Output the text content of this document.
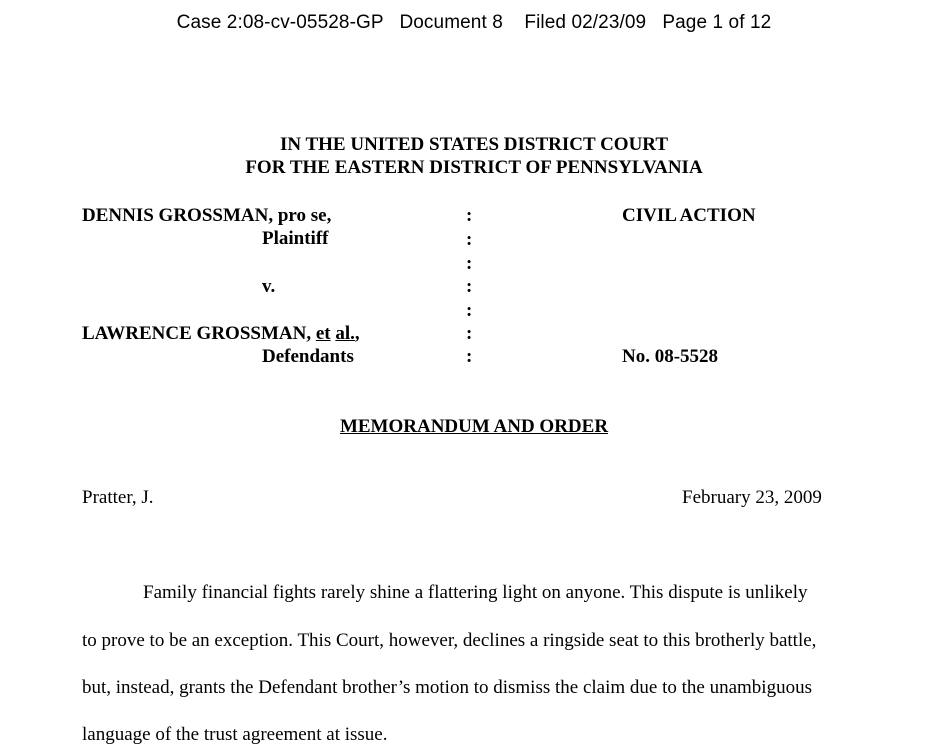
Case 2:08-cv-05528-GP   Document 8    Filed 02/23/09   Page 1 of 12
IN THE UNITED STATES DISTRICT COURT
FOR THE EASTERN DISTRICT OF PENNSYLVANIA
DENNIS GROSSMAN, pro se,
Plaintiff
v.
LAWRENCE GROSSMAN, et al.,
Defendants
:
:
:
:
:
:
:
CIVIL ACTION
No. 08-5528
MEMORANDUM AND ORDER
Pratter, J.	February 23, 2009
Family financial fights rarely shine a flattering light on anyone. This dispute is unlikely
to prove to be an exception. This Court, however, declines a ringside seat to this brotherly battle,
but, instead, grants the Defendant brother’s motion to dismiss the claim due to the unambiguous
language of the trust agreement at issue.
